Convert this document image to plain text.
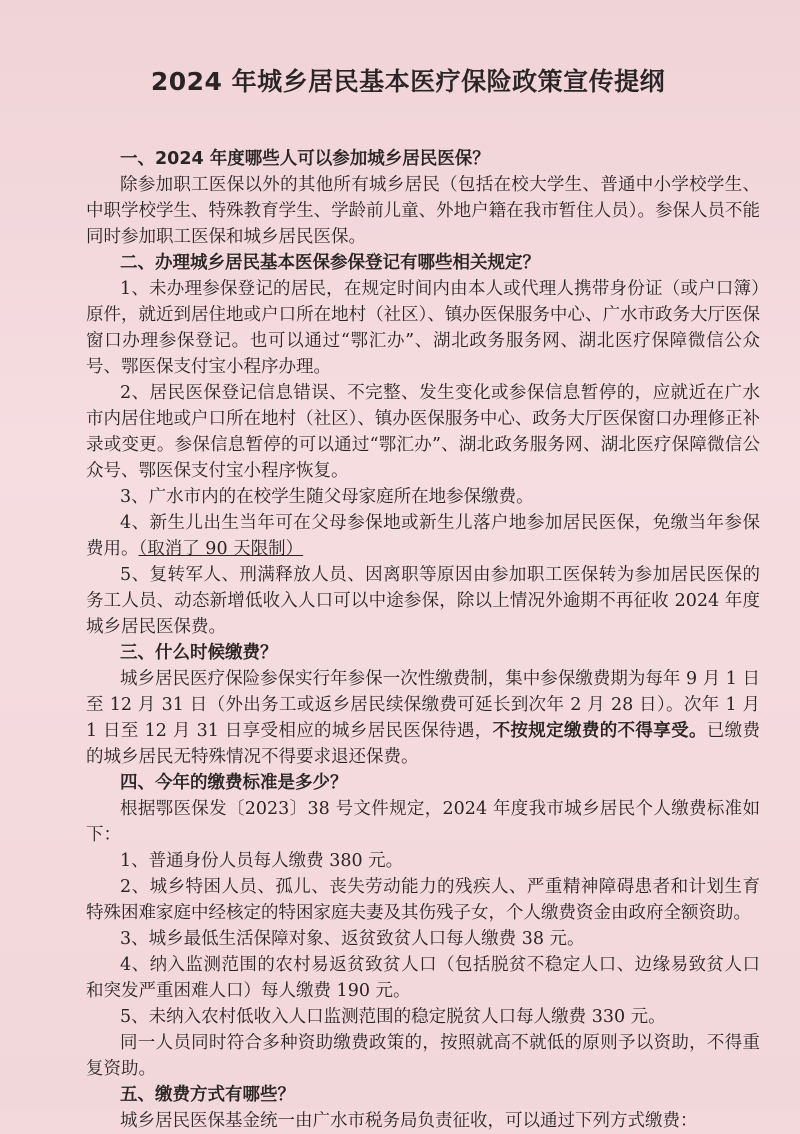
2024 年城乡居民基本医疗保险政策宣传提纲

一、2024 年度哪些人可以参加城乡居民医保？

除参加职工医保以外的其他所有城乡居民（包括在校大学生、普通中小学校学生、中职学校学生、特殊教育学生、学龄前儿童、外地户籍在我市暂住人员）。参保人员不能同时参加职工医保和城乡居民医保。

二、办理城乡居民基本医保参保登记有哪些相关规定？

1、未办理参保登记的居民，在规定时间内由本人或代理人携带身份证（或户口簿）原件，就近到居住地或户口所在地村（社区）、镇办医保服务中心、广水市政务大厅医保窗口办理参保登记。也可以通过“鄂汇办”、湖北政务服务网、湖北医疗保障微信公众号、鄂医保支付宝小程序办理。

2、居民医保登记信息错误、不完整、发生变化或参保信息暂停的，应就近在广水市内居住地或户口所在地村（社区）、镇办医保服务中心、政务大厅医保窗口办理修正补录或变更。参保信息暂停的可以通过“鄂汇办”、湖北政务服务网、湖北医疗保障微信公众号、鄂医保支付宝小程序恢复。

3、广水市内的在校学生随父母家庭所在地参保缴费。

4、新生儿出生当年可在父母参保地或新生儿落户地参加居民医保，免缴当年参保费用。（取消了 90 天限制）

5、复转军人、刑满释放人员、因离职等原因由参加职工医保转为参加居民医保的务工人员、动态新增低收入人口可以中途参保，除以上情况外逾期不再征收 2024 年度城乡居民医保费。

三、什么时候缴费？

城乡居民医疗保险参保实行年参保一次性缴费制，集中参保缴费期为每年 9 月 1 日至 12 月 31 日（外出务工或返乡居民续保缴费可延长到次年 2 月 28 日）。次年 1 月 1 日至 12 月 31 日享受相应的城乡居民医保待遇，不按规定缴费的不得享受。已缴费的城乡居民无特殊情况不得要求退还保费。

四、今年的缴费标准是多少？

根据鄂医保发〔2023〕38 号文件规定，2024 年度我市城乡居民个人缴费标准如下：

1、普通身份人员每人缴费 380 元。

2、城乡特困人员、孤儿、丧失劳动能力的残疾人、严重精神障碍患者和计划生育特殊困难家庭中经核定的特困家庭夫妻及其伤残子女，个人缴费资金由政府全额资助。

3、城乡最低生活保障对象、返贫致贫人口每人缴费 38 元。

4、纳入监测范围的农村易返贫致贫人口（包括脱贫不稳定人口、边缘易致贫人口和突发严重困难人口）每人缴费 190 元。

5、未纳入农村低收入人口监测范围的稳定脱贫人口每人缴费 330 元。

同一人员同时符合多种资助缴费政策的，按照就高不就低的原则予以资助，不得重复资助。

五、缴费方式有哪些？

城乡居民医保基金统一由广水市税务局负责征收，可以通过下列方式缴费：
